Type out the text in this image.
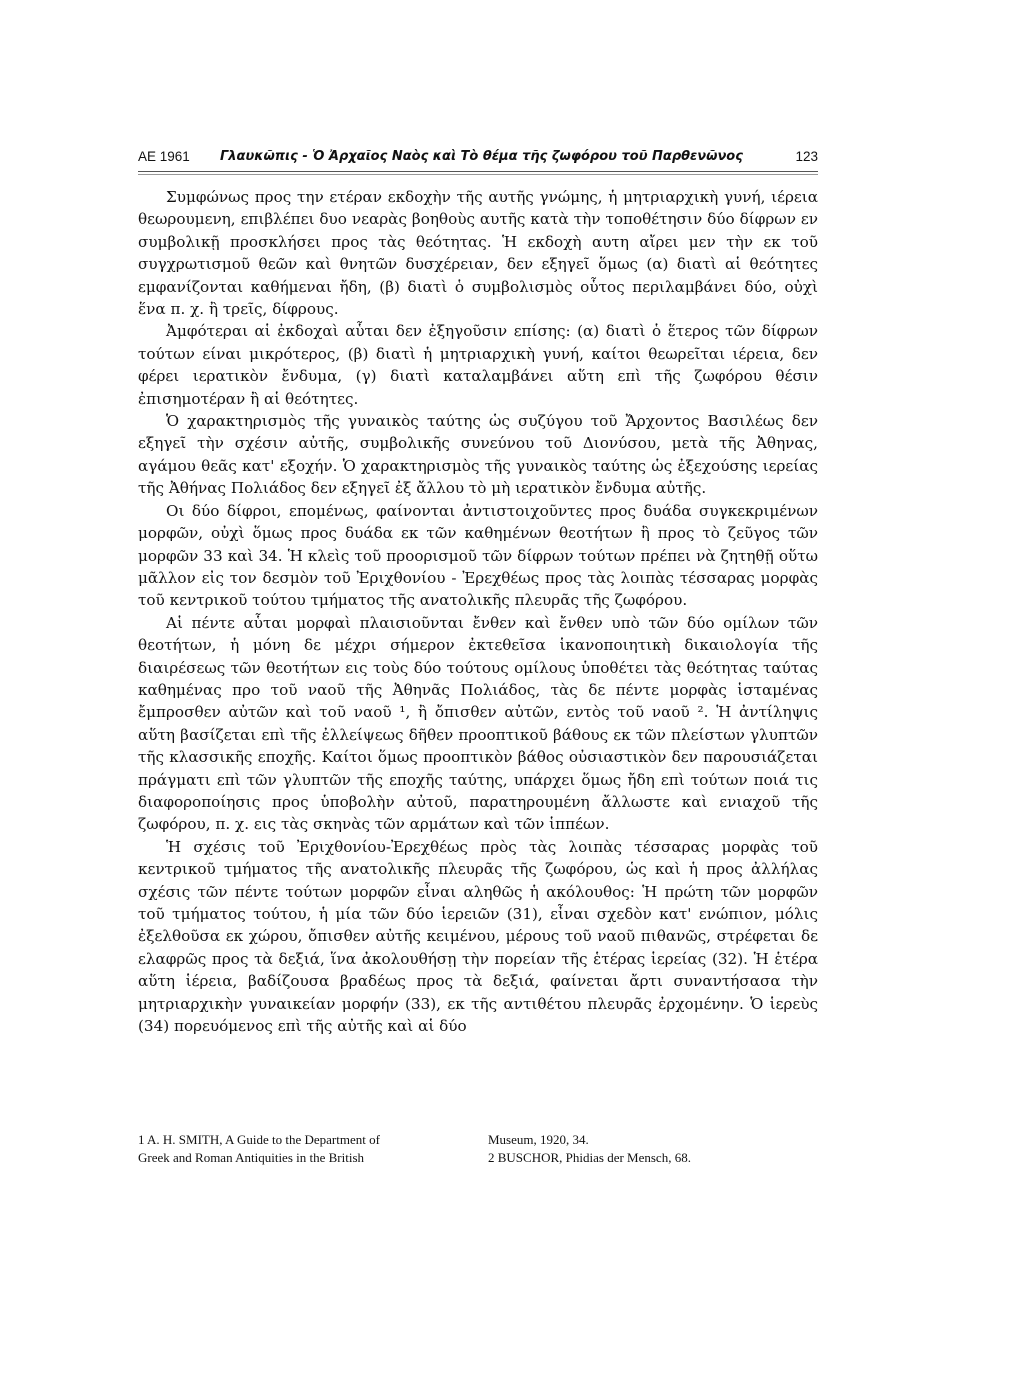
ΑΕ 1961 Γλαυκῶπις - Ὁ Ἀρχαῖος Ναὸς καὶ Τὸ θέμα τῆς ζωφόρου τοῦ Παρθενῶνος	123

Συμφώνως προς την ετέραν εκδοχὴν τῆς αυτῆς γνώμης, ἡ μητριαρχικὴ γυνή, ιέρεια θεωρουμενη, επιβλέπει δυο νεαρὰς βοηθοὺς αυτῆς κατὰ τὴν τοποθέτησιν δύο δίφρων εν συμβολικῇ προσκλήσει προς τὰς θεότητας. Ἡ εκδοχὴ αυτη αἴρει μεν τὴν εκ τοῦ συγχρωτισμοῦ θεῶν καὶ θνητῶν δυσχέρειαν, δεν εξηγεῖ ὅμως (α) διατὶ αἱ θεότητες εμφανίζονται καθήμεναι ἤδη, (β) διατὶ ὁ συμβολισμὸς οὗτος περιλαμβάνει δύο, οὐχὶ ἕνα π. χ. ἢ τρεῖς, δίφρους.

Ἀμφότεραι αἱ ἐκδοχαὶ αὗται δεν ἐξηγοῦσιν επίσης: (α) διατὶ ὁ ἕτερος τῶν δίφρων τούτων είναι μικρότερος, (β) διατὶ ἡ μητριαρχικὴ γυνή, καίτοι θεωρεῖται ιέρεια, δεν φέρει ιερατικὸν ἔνδυμα, (γ) διατὶ καταλαμβάνει αὕτη επὶ τῆς ζωφόρου θέσιν ἐπισημοτέραν ἢ αἱ θεότητες.

Ὁ χαρακτηρισμὸς τῆς γυναικὸς ταύτης ὡς συζύγου τοῦ Ἄρχοντος Βασιλέως δεν εξηγεῖ τὴν σχέσιν αὐτῆς, συμβολικῆς συνεύνου τοῦ Διονύσου, μετὰ τῆς Ἀθηνας, αγάμου θεᾶς κατ' εξοχήν. Ὁ χαρακτηρισμὸς τῆς γυναικὸς ταύτης ὡς ἐξεχούσης ιερείας τῆς Ἀθήνας Πολιάδος δεν εξηγεῖ ἐξ ἄλλου τὸ μὴ ιερατικὸν ἔνδυμα αὐτῆς.

Οι δύο δίφροι, επομένως, φαίνονται ἀντιστοιχοῦντες προς δυάδα συγκεκριμένων μορφῶν, οὐχὶ ὅμως προς δυάδα εκ τῶν καθημένων θεοτήτων ἢ προς τὸ ζεῦγος τῶν μορφῶν 33 καὶ 34. Ἡ κλεὶς τοῦ προορισμοῦ τῶν δίφρων τούτων πρέπει νὰ ζητηθῇ οὕτω μᾶλλον εἰς τον δεσμὸν τοῦ Ἐριχθονίου - Ἐρεχθέως προς τὰς λοιπὰς τέσσαρας μορφὰς τοῦ κεντρικοῦ τούτου τμήματος τῆς ανατολικῆς πλευρᾶς τῆς ζωφόρου.

Αἱ πέντε αὗται μορφαὶ πλαισιοῦνται ἔνθεν καὶ ἔνθεν υπὸ τῶν δύο ομίλων τῶν θεοτήτων, ἡ μόνη δε μέχρι σήμερον ἐκτεθεῖσα ἱκανοποιητικὴ δικαιολογία τῆς διαιρέσεως τῶν θεοτήτων εις τοὺς δύο τούτους ομίλους ὑποθέτει τὰς θεότητας ταύτας καθημένας προ τοῦ ναοῦ τῆς Ἀθηνᾶς Πολιάδος, τὰς δε πέντε μορφὰς ἱσταμένας ἔμπροσθεν αὐτῶν καὶ τοῦ ναοῦ ¹, ἢ ὄπισθεν αὐτῶν, εντὸς τοῦ ναοῦ ². Ἡ ἀντίληψις αὕτη βασίζεται επὶ τῆς ἐλλείψεως δῆθεν προοπτικοῦ βάθους εκ τῶν πλείστων γλυπτῶν τῆς κλασσικῆς εποχῆς. Καίτοι ὅμως προοπτικὸν βάθος οὐσιαστικὸν δεν παρουσιάζεται πράγματι επὶ τῶν γλυπτῶν τῆς εποχῆς ταύτης, υπάρχει ὅμως ἤδη επὶ τούτων ποιά τις διαφοροποίησις προς ὑποβολὴν αὐτοῦ, παρατηρουμένη ἄλλωστε καὶ ενιαχοῦ τῆς ζωφόρου, π. χ. εις τὰς σκηνὰς τῶν αρμάτων καὶ τῶν ἱππέων.

Ἡ σχέσις τοῦ Ἐριχθονίου-Ἐρεχθέως πρὸς τὰς λοιπὰς τέσσαρας μορφὰς τοῦ κεντρικοῦ τμήματος τῆς ανατολικῆς πλευρᾶς τῆς ζωφόρου, ὡς καὶ ἡ προς ἀλλήλας σχέσις τῶν πέντε τούτων μορφῶν εἶναι αληθῶς ἡ ακόλουθος: Ἡ πρώτη τῶν μορφῶν τοῦ τμήματος τούτου, ἡ μία τῶν δύο ἱερειῶν (31), εἶναι σχεδὸν κατ' ενώπιον, μόλις ἐξελθοῦσα εκ χώρου, ὄπισθεν αὐτῆς κειμένου, μέρους τοῦ ναοῦ πιθανῶς, στρέφεται δε ελαφρῶς προς τὰ δεξιά, ἵνα ἀκολουθήσῃ τὴν πορείαν τῆς ἑτέρας ἱερείας (32). Ἡ ἑτέρα αὕτη ἱέρεια, βαδίζουσα βραδέως προς τὰ δεξιά, φαίνεται ἄρτι συναντήσασα τὴν μητριαρχικὴν γυναικείαν μορφήν (33), εκ τῆς αντιθέτου πλευρᾶς ἐρχομένην. Ὁ ἱερεὺς (34) πορευόμενος επὶ τῆς αὐτῆς καὶ αἱ δύο

1 A. H. SMITH, A Guide to the Department of
Greek and Roman Antiquities in the British
Museum, 1920, 34.
2 BUSCHOR, Phidias der Mensch, 68.
